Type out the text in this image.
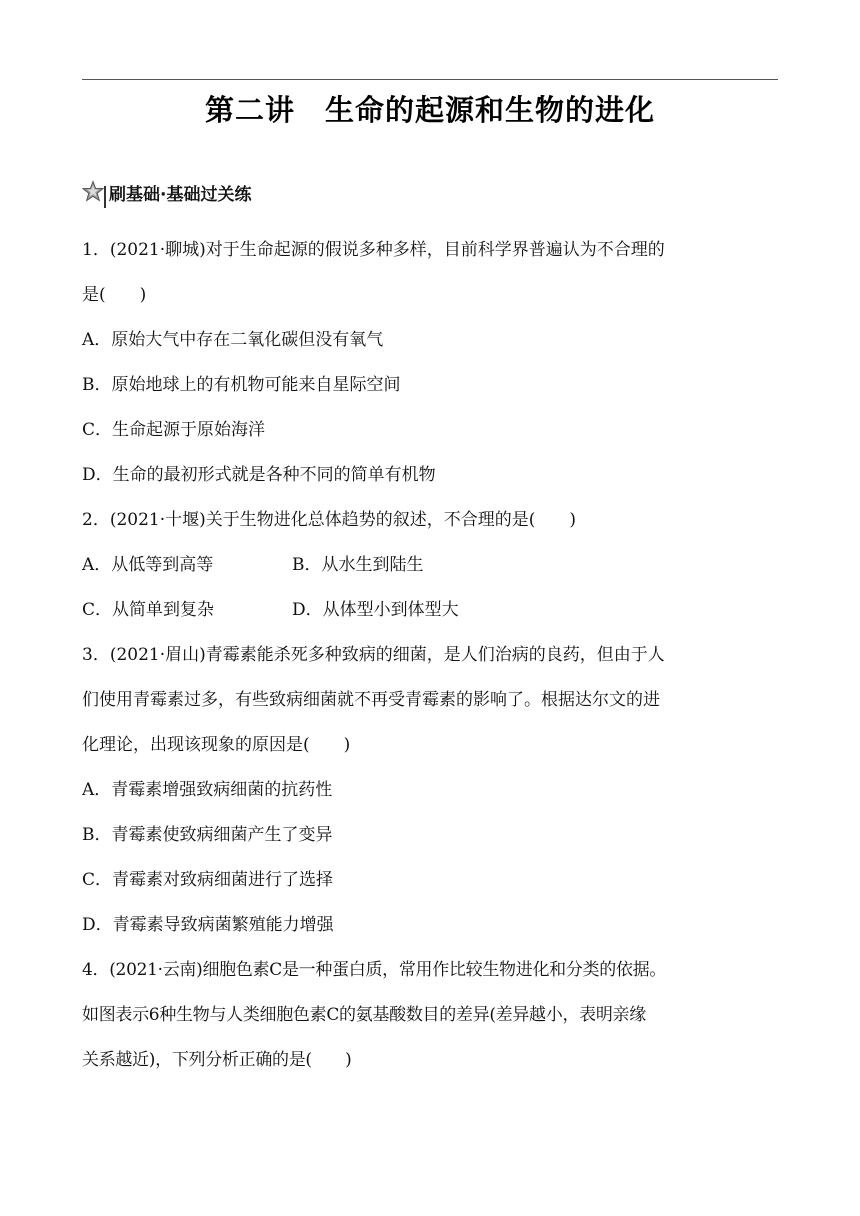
第二讲　生命的起源和生物的进化
刷基础·基础过关练
1．(2021·聊城)对于生命起源的假说多种多样，目前科学界普遍认为不合理的
是(　　)
A．原始大气中存在二氧化碳但没有氧气
B．原始地球上的有机物可能来自星际空间
C．生命起源于原始海洋
D．生命的最初形式就是各种不同的简单有机物
2．(2021·十堰)关于生物进化总体趋势的叙述，不合理的是(　　)
A．从低等到高等	B．从水生到陆生
C．从简单到复杂	D．从体型小到体型大
3．(2021·眉山)青霉素能杀死多种致病的细菌，是人们治病的良药，但由于人
们使用青霉素过多，有些致病细菌就不再受青霉素的影响了。根据达尔文的进
化理论，出现该现象的原因是(　　)
A．青霉素增强致病细菌的抗药性
B．青霉素使致病细菌产生了变异
C．青霉素对致病细菌进行了选择
D．青霉素导致病菌繁殖能力增强
4．(2021·云南)细胞色素C是一种蛋白质，常用作比较生物进化和分类的依据。
如图表示6种生物与人类细胞色素C的氨基酸数目的差异(差异越小，表明亲缘
关系越近)，下列分析正确的是(　　)
